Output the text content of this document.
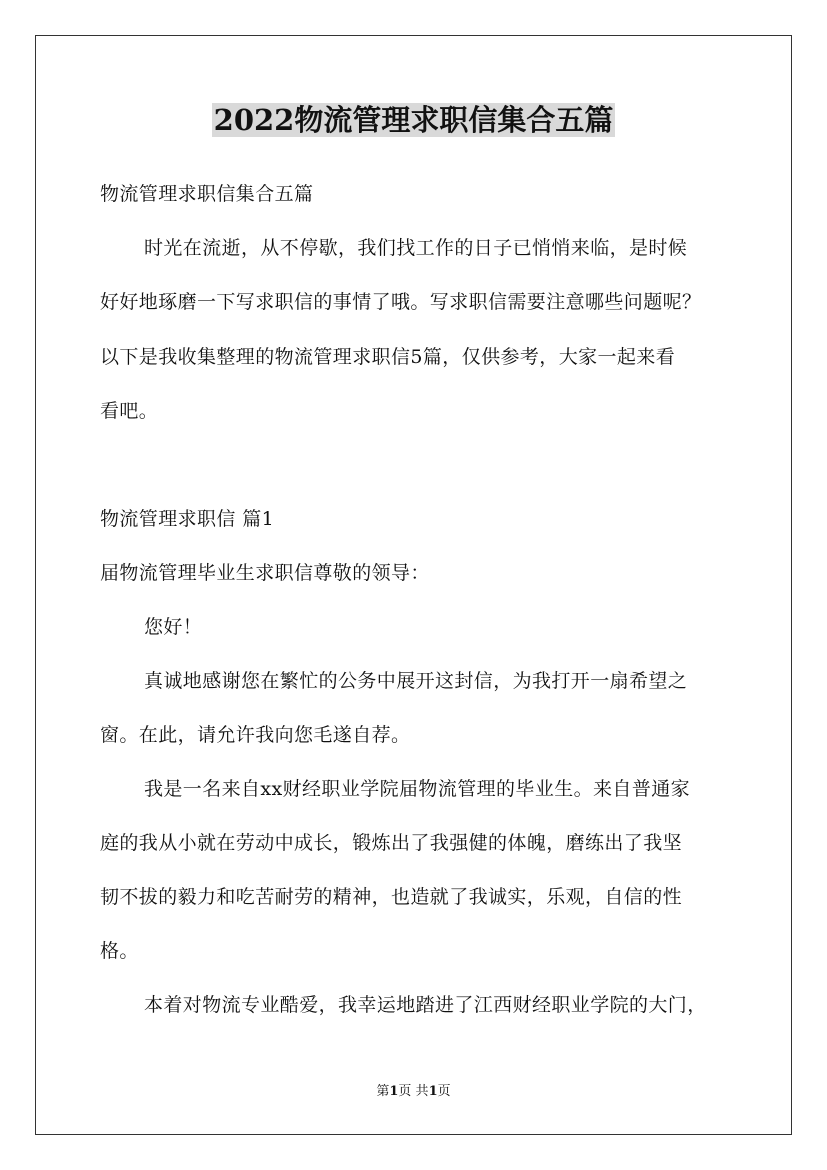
2022物流管理求职信集合五篇
物流管理求职信集合五篇
时光在流逝，从不停歇，我们找工作的日子已悄悄来临，是时候
好好地琢磨一下写求职信的事情了哦。写求职信需要注意哪些问题呢？
以下是我收集整理的物流管理求职信5篇，仅供参考，大家一起来看
看吧。
物流管理求职信 篇1
届物流管理毕业生求职信尊敬的领导：
您好！
真诚地感谢您在繁忙的公务中展开这封信，为我打开一扇希望之
窗。在此，请允许我向您毛遂自荐。
我是一名来自xx财经职业学院届物流管理的毕业生。来自普通家
庭的我从小就在劳动中成长，锻炼出了我强健的体魄，磨练出了我坚
韧不拔的毅力和吃苦耐劳的精神，也造就了我诚实，乐观，自信的性
格。
本着对物流专业酷爱，我幸运地踏进了江西财经职业学院的大门，
第1页 共1页
